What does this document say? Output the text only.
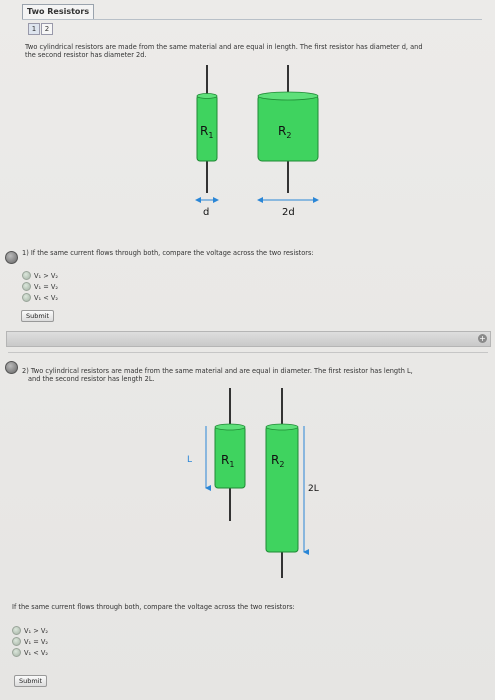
Two Resistors
1	2
Two cylindrical resistors are made from the same material and are equal in length. The first resistor has diameter d, and
the second resistor has diameter 2d.
$R_1$	$R_2$
d	2d
1) If the same current flows through both, compare the voltage across the two resistors:
V₁ > V₂
V₁ = V₂
V₁ < V₂
Submit
+
2) Two cylindrical resistors are made from the same material and are equal in diameter. The first resistor has length L,
and the second resistor has length 2L.
$R_1$	$R_2$
L
2L
If the same current flows through both, compare the voltage across the two resistors:
V₁ > V₂
V₁ = V₂
V₁ < V₂
Submit
